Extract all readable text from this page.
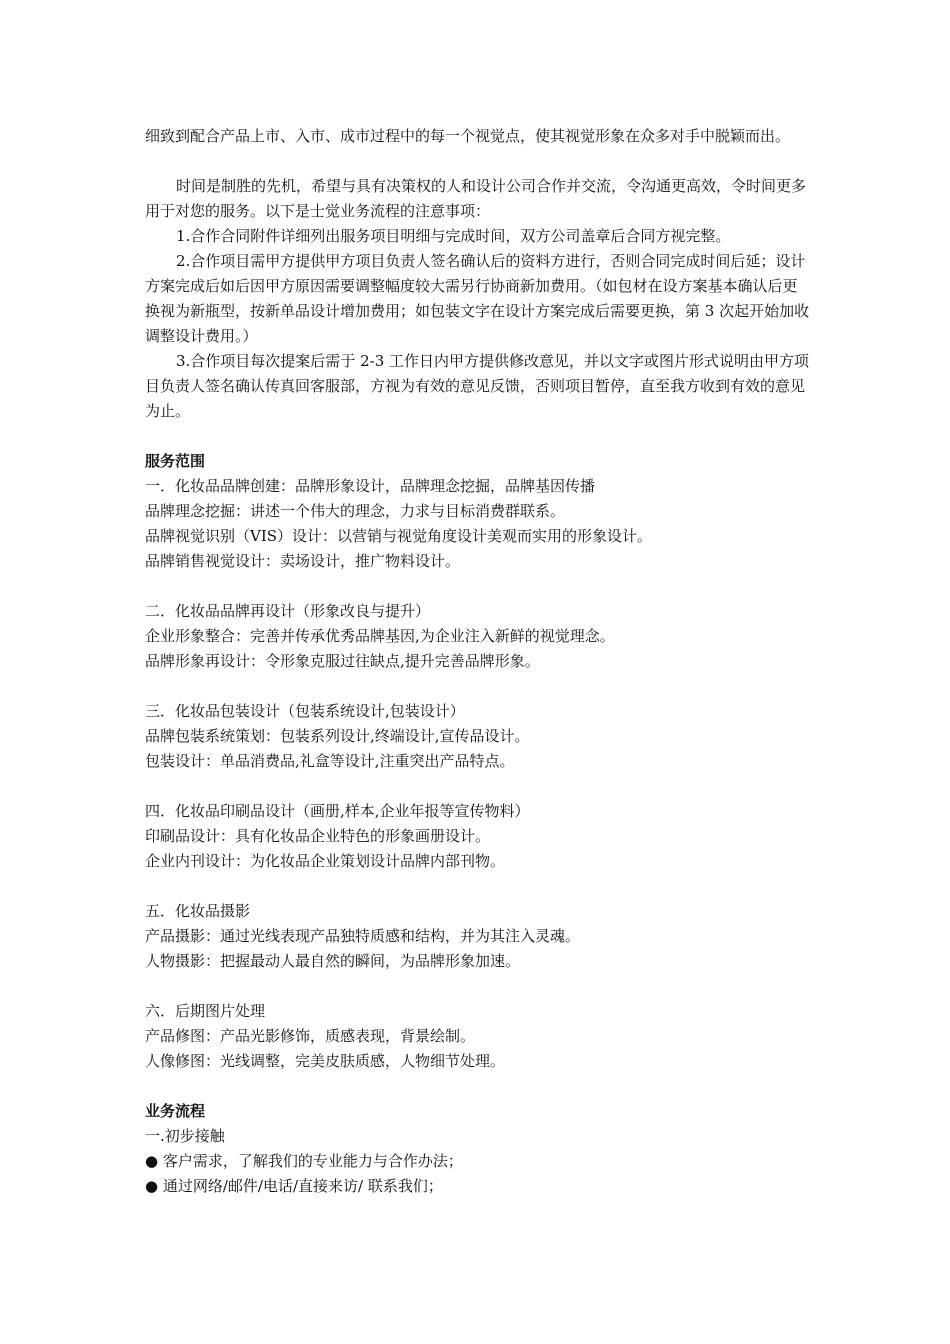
细致到配合产品上市、入市、成市过程中的每一个视觉点，使其视觉形象在众多对手中脱颖而出。

时间是制胜的先机，希望与具有决策权的人和设计公司合作并交流，令沟通更高效，令时间更多用于对您的服务。以下是士觉业务流程的注意事项：

1.合作合同附件详细列出服务项目明细与完成时间，双方公司盖章后合同方视完整。

2.合作项目需甲方提供甲方项目负责人签名确认后的资料方进行，否则合同完成时间后延；设计方案完成后如后因甲方原因需要调整幅度较大需另行协商新加费用。（如包材在设方案基本确认后更换视为新瓶型，按新单品设计增加费用；如包装文字在设计方案完成后需要更换，第 3 次起开始加收调整设计费用。）

3.合作项目每次提案后需于 2-3 工作日内甲方提供修改意见，并以文字或图片形式说明由甲方项目负责人签名确认传真回客服部，方视为有效的意见反馈，否则项目暂停，直至我方收到有效的意见为止。

服务范围

一．化妆品品牌创建：品牌形象设计，品牌理念挖掘，品牌基因传播

品牌理念挖掘：讲述一个伟大的理念，力求与目标消费群联系。

品牌视觉识别（VIS）设计：以营销与视觉角度设计美观而实用的形象设计。

品牌销售视觉设计：卖场设计，推广物料设计。

二．化妆品品牌再设计（形象改良与提升）

企业形象整合：完善并传承优秀品牌基因,为企业注入新鲜的视觉理念。

品牌形象再设计：令形象克服过往缺点,提升完善品牌形象。

三．化妆品包装设计（包装系统设计,包装设计）

品牌包装系统策划：包装系列设计,终端设计,宣传品设计。

包装设计：单品消费品,礼盒等设计,注重突出产品特点。

四．化妆品印刷品设计（画册,样本,企业年报等宣传物料）

印刷品设计：具有化妆品企业特色的形象画册设计。

企业内刊设计：为化妆品企业策划设计品牌内部刊物。

五．化妆品摄影

产品摄影：通过光线表现产品独特质感和结构，并为其注入灵魂。

人物摄影：把握最动人最自然的瞬间，为品牌形象加速。

六．后期图片处理

产品修图：产品光影修饰，质感表现，背景绘制。

人像修图：光线调整，完美皮肤质感，人物细节处理。

业务流程

一.初步接触

● 客户需求，了解我们的专业能力与合作办法；

● 通过网络/邮件/电话/直接来访/ 联系我们；
